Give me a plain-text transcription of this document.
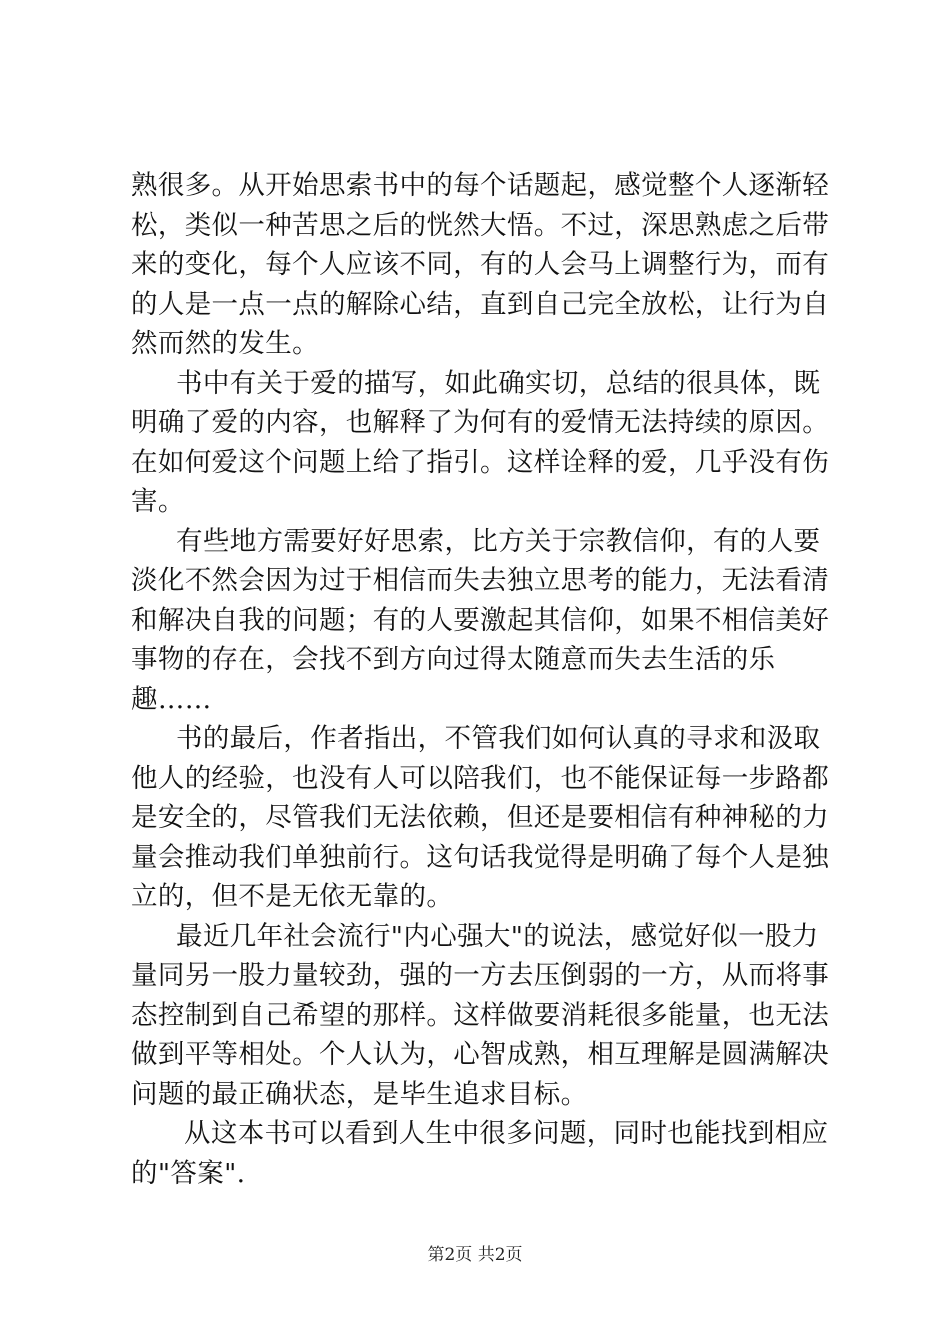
熟很多。从开始思索书中的每个话题起，感觉整个人逐渐轻松，类似一种苦思之后的恍然大悟。不过，深思熟虑之后带来的变化，每个人应该不同，有的人会马上调整行为，而有的人是一点一点的解除心结，直到自己完全放松，让行为自然而然的发生。

书中有关于爱的描写，如此确实切，总结的很具体，既明确了爱的内容，也解释了为何有的爱情无法持续的原因。在如何爱这个问题上给了指引。这样诠释的爱，几乎没有伤害。

有些地方需要好好思索，比方关于宗教信仰，有的人要淡化不然会因为过于相信而失去独立思考的能力，无法看清和解决自我的问题；有的人要激起其信仰，如果不相信美好事物的存在，会找不到方向过得太随意而失去生活的乐趣……

书的最后，作者指出，不管我们如何认真的寻求和汲取他人的经验，也没有人可以陪我们，也不能保证每一步路都是安全的，尽管我们无法依赖，但还是要相信有种神秘的力量会推动我们单独前行。这句话我觉得是明确了每个人是独立的，但不是无依无靠的。

最近几年社会流行"内心强大"的说法，感觉好似一股力量同另一股力量较劲，强的一方去压倒弱的一方，从而将事态控制到自己希望的那样。这样做要消耗很多能量，也无法做到平等相处。个人认为，心智成熟，相互理解是圆满解决问题的最正确状态，是毕生追求目标。

从这本书可以看到人生中很多问题，同时也能找到相应的"答案".

第2页 共2页
